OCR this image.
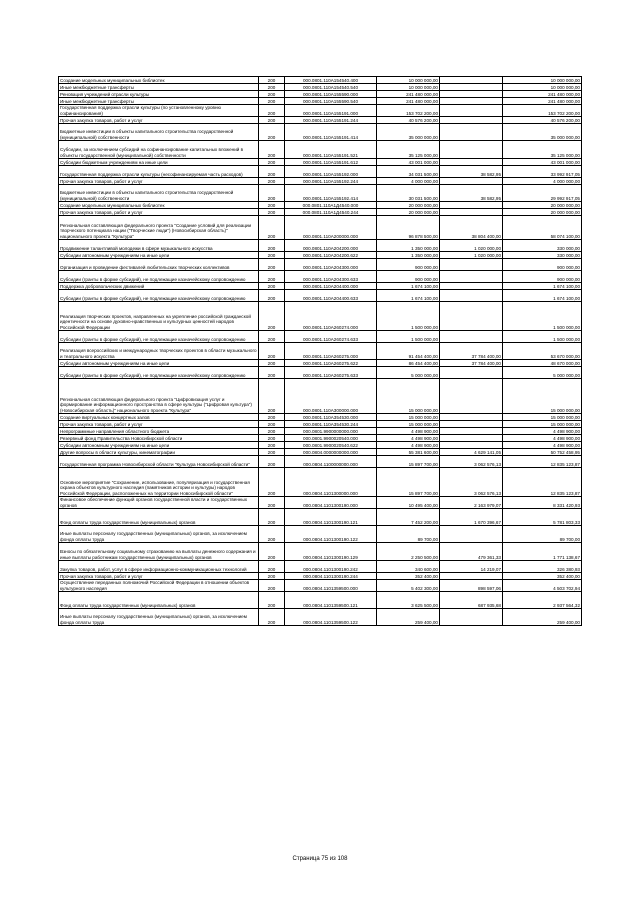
Создание модельных муниципальных библиотек	200	000.0801.110А154540.400	10 000 000,00		10 000 000,00
Иные межбюджетные трансферты	200	000.0801.110А154540.540	10 000 000,00		10 000 000,00
Реновация учреждений отрасли культуры	200	000.0801.110А155590.000	241 480 000,00		241 480 000,00
Иные межбюджетные трансферты	200	000.0801.110А155590.540	241 480 000,00		241 480 000,00
Государственная поддержка отрасли культуры (по установленному уровню софинансирования)	200	000.0801.110А155191.000	153 702 200,00		153 702 200,00
Прочая закупка товаров, работ и услуг	200	000.0801.110А155191.244	40 576 200,00		40 576 200,00
Бюджетные инвестиции в объекты капитального строительства государственной (муниципальной) собственности	200	000.0801.110А155191.414	35 000 000,00		35 000 000,00
Субсидии, за исключением субсидий на софинансирование капитальных вложений в объекты государственной (муниципальной) собственности	200	000.0801.110А155191.521	35 125 000,00		35 125 000,00
Субсидии бюджетным учреждениям на иные цели	200	000.0801.110А155191.612	43 001 000,00		43 001 000,00
Государственная поддержка отрасли культуры (несофинансируемая часть расходов)	200	000.0801.110А155192.000	34 031 500,00	38 582,95	33 992 917,05
Прочая закупка товаров, работ и услуг	200	000.0801.110А155192.244	4 000 000,00		4 000 000,00
Бюджетные инвестиции в объекты капитального строительства государственной (муниципальной) собственности	200	000.0801.110А155192.414	30 031 500,00	38 582,95	29 992 917,05
Создание модельных муниципальных библиотек	200	000.0801.110А1Д4540.000	20 000 000,00		20 000 000,00
Прочая закупка товаров, работ и услуг	200	000.0801.110А1Д4540.244	20 000 000,00		20 000 000,00
Региональная составляющая федерального проекта "Создание условий для реализации творческого потенциала нации ("Творческие люди") (Новосибирская область)" национального проекта "Культура"	200	000.0801.110А200000.000	96 878 500,00	38 804 400,00	58 074 100,00
Продвижение талантливой молодежи в сфере музыкального искусства	200	000.0801.110А204200.000	1 350 000,00	1 020 000,00	330 000,00
Субсидии автономным учреждениям на иные цели	200	000.0801.110А204200.622	1 350 000,00	1 020 000,00	330 000,00
Организация и проведение фестивалей любительских творческих коллективов	200	000.0801.110А204300.000	900 000,00		900 000,00
Субсидии (гранты в форме субсидий), не подлежащие казначейскому сопровождению	200	000.0801.110А204300.633	900 000,00		900 000,00
Поддержка добровольческих движений	200	000.0801.110А204400.000	1 674 100,00		1 674 100,00
Субсидии (гранты в форме субсидий), не подлежащие казначейскому сопровождению	200	000.0801.110А204400.633	1 674 100,00		1 674 100,00
Реализация творческих проектов, направленных на укрепление российской гражданской идентичности на основе духовно-нравственных и культурных ценностей народов Российской Федерации	200	000.0801.110А260274.000	1 500 000,00		1 500 000,00
Субсидии (гранты в форме субсидий), не подлежащие казначейскому сопровождению	200	000.0801.110А260274.633	1 500 000,00		1 500 000,00
Реализация всероссийских и международных творческих проектов в области музыкального и театрального искусства	200	000.0801.110А260275.000	91 454 400,00	37 784 400,00	53 670 000,00
Субсидии автономным учреждениям на иные цели	200	000.0801.110А260275.622	86 454 400,00	37 784 400,00	48 670 000,00
Субсидии (гранты в форме субсидий), не подлежащие казначейскому сопровождению	200	000.0801.110А260275.633	5 000 000,00		5 000 000,00
Региональная составляющая федерального проекта "Цифровизация услуг и формирование информационного пространства в сфере культуры ("Цифровая культура") (Новосибирская область)" национального проекта "Культура"	200	000.0801.110А300000.000	15 000 000,00		15 000 000,00
Создание виртуальных концертных залов	200	000.0801.110А354530.000	15 000 000,00		15 000 000,00
Прочая закупка товаров, работ и услуг	200	000.0801.110А354530.244	15 000 000,00		15 000 000,00
Непрограммные направления областного бюджета	200	000.0801.9900000000.000	4 498 900,00		4 498 900,00
Резервный фонд Правительства Новосибирской области	200	000.0801.9900020540.000	4 498 900,00		4 498 900,00
Субсидии автономным учреждениям на иные цели	200	000.0801.9900020540.622	4 498 900,00		4 498 900,00
Другие вопросы в области культуры, кинематографии	200	000.0804.0000000000.000	55 381 600,00	4 629 141,05	50 752 458,95
Государственная программа Новосибирской области "Культура Новосибирской области"	200	000.0804.1100000000.000	15 897 700,00	3 062 576,13	12 835 123,87
Основное мероприятие "Сохранение, использование, популяризация и государственная охрана объектов культурного наследия (памятников истории и культуры) народов Российской Федерации, расположенных на территории Новосибирской области"	200	000.0804.1101300000.000	15 897 700,00	3 062 576,13	12 835 123,87
Финансовое обеспечение функций органов государственной власти и государственных органов	200	000.0804.1101300190.000	10 495 400,00	2 163 979,07	8 331 420,93
Фонд оплаты труда государственных (муниципальных) органов	200	000.0804.1101300190.121	7 452 200,00	1 670 396,67	5 781 803,33
Иные выплаты персоналу государственных (муниципальных) органов, за исключением фонда оплаты труда	200	000.0804.1101300190.122	89 700,00		89 700,00
Взносы по обязательному социальному страхованию на выплаты денежного содержания и иные выплаты работникам государственных (муниципальных) органов	200	000.0804.1101300190.129	2 250 500,00	479 361,33	1 771 138,67
Закупка товаров, работ, услуг в сфере информационно-коммуникационных технологий	200	000.0804.1101300190.242	340 600,00	14 219,07	326 380,93
Прочая закупка товаров, работ и услуг	200	000.0804.1101300190.244	352 400,00		352 400,00
Осуществление переданных полномочий Российской Федерации в отношении объектов культурного наследия	200	000.0804.1101359500.000	5 402 300,00	898 597,06	4 503 702,94
Фонд оплаты труда государственных (муниципальных) органов	200	000.0804.1101359500.121	3 625 500,00	687 935,68	2 937 564,32
Иные выплаты персоналу государственных (муниципальных) органов, за исключением фонда оплаты труда	200	000.0804.1101359500.122	259 400,00		259 400,00
Страница 75 из 108
